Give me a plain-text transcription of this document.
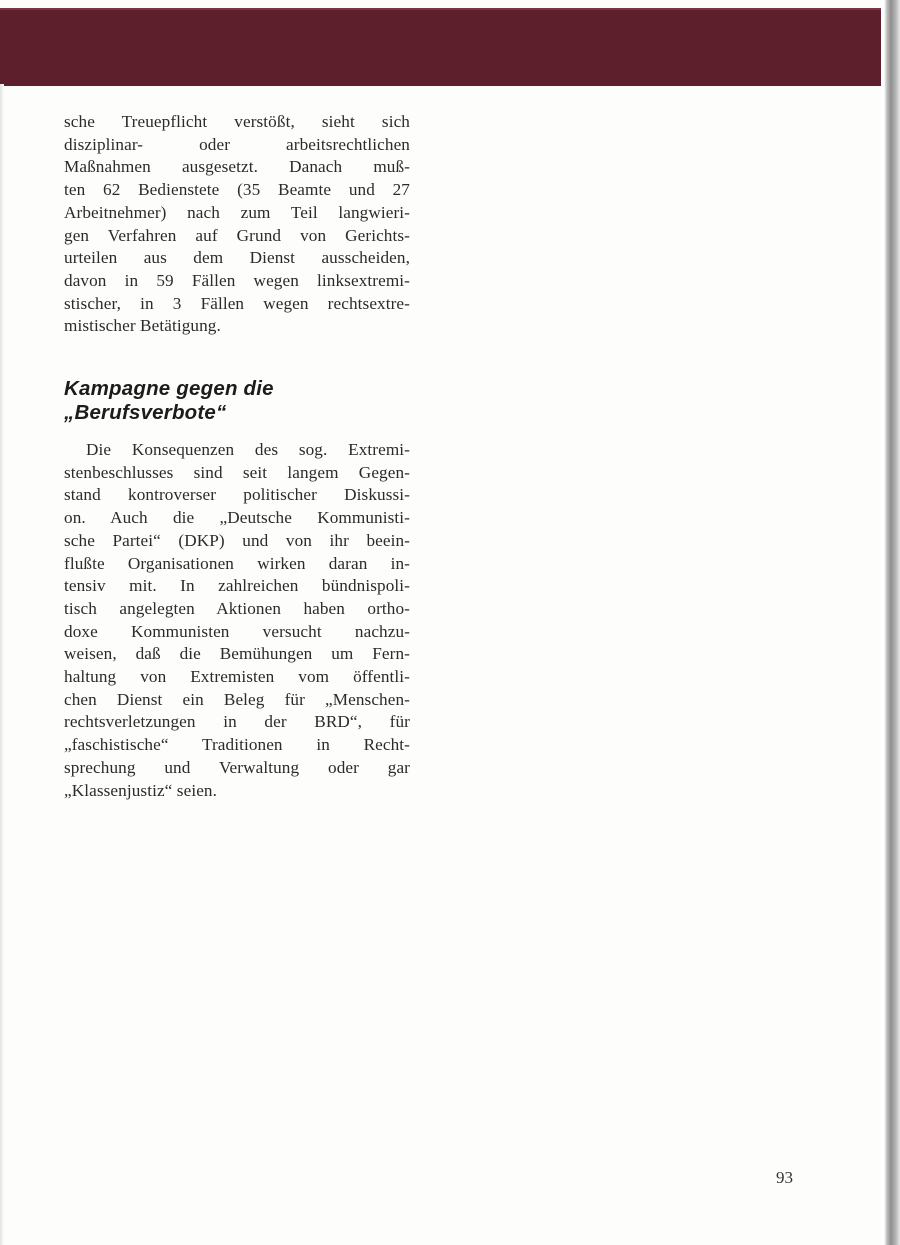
sche Treuepflicht verstößt, sieht sich
disziplinar- oder arbeitsrechtlichen
Maßnahmen ausgesetzt. Danach muß-
ten 62 Bedienstete (35 Beamte und 27
Arbeitnehmer) nach zum Teil langwieri-
gen Verfahren auf Grund von Gerichts-
urteilen aus dem Dienst ausscheiden,
davon in 59 Fällen wegen linksextremi-
stischer, in 3 Fällen wegen rechtsextre-
mistischer Betätigung.

Kampagne gegen die
„Berufsverbote“

Die Konsequenzen des sog. Extremi-
stenbeschlusses sind seit langem Gegen-
stand kontroverser politischer Diskussi-
on. Auch die „Deutsche Kommunisti-
sche Partei“ (DKP) und von ihr beein-
flußte Organisationen wirken daran in-
tensiv mit. In zahlreichen bündnispoli-
tisch angelegten Aktionen haben ortho-
doxe Kommunisten versucht nachzu-
weisen, daß die Bemühungen um Fern-
haltung von Extremisten vom öffentli-
chen Dienst ein Beleg für „Menschen-
rechtsverletzungen in der BRD“, für
„faschistische“ Traditionen in Recht-
sprechung und Verwaltung oder gar
„Klassenjustiz“ seien.

93
